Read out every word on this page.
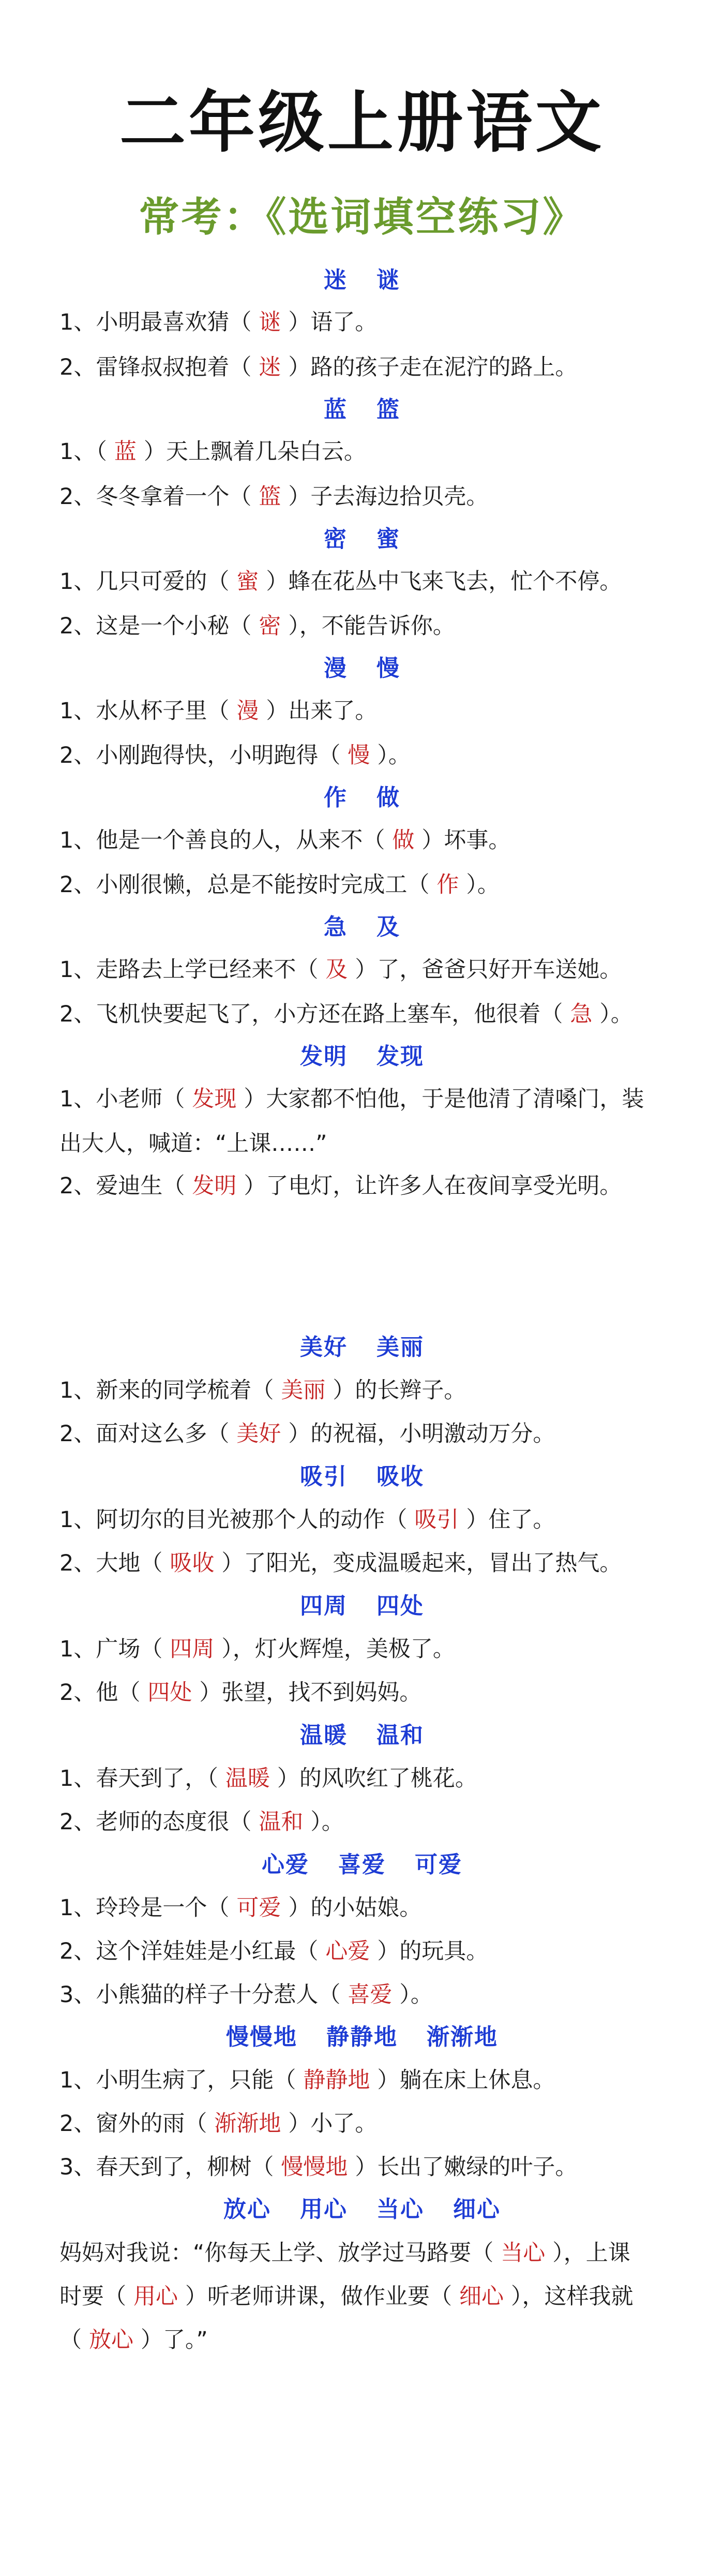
二年级上册语文
常考：《选词填空练习》
迷 谜
1、小明最喜欢猜（ 谜 ）语了。
2、雷锋叔叔抱着（ 迷 ）路的孩子走在泥泞的路上。
蓝 篮
1、（ 蓝 ）天上飘着几朵白云。
2、冬冬拿着一个（ 篮 ）子去海边拾贝壳。
密 蜜
1、几只可爱的（ 蜜 ）蜂在花丛中飞来飞去，忙个不停。
2、这是一个小秘（ 密 ），不能告诉你。
漫 慢
1、水从杯子里（ 漫 ）出来了。
2、小刚跑得快，小明跑得（ 慢 ）。
作 做
1、他是一个善良的人，从来不（ 做 ）坏事。
2、小刚很懒，总是不能按时完成工（ 作 ）。
急 及
1、走路去上学已经来不（ 及 ）了，爸爸只好开车送她。
2、飞机快要起飞了，小方还在路上塞车，他很着（ 急 ）。
发明 发现
1、小老师（ 发现 ）大家都不怕他，于是他清了清嗓门，装
出大人，喊道：“上课……”
2、爱迪生（ 发明 ）了电灯，让许多人在夜间享受光明。
美好 美丽
1、新来的同学梳着（ 美丽 ）的长辫子。
2、面对这么多（ 美好 ）的祝福，小明激动万分。
吸引 吸收
1、阿切尔的目光被那个人的动作（ 吸引 ）住了。
2、大地（ 吸收 ）了阳光，变成温暖起来，冒出了热气。
四周 四处
1、广场（ 四周 ），灯火辉煌，美极了。
2、他（ 四处 ）张望，找不到妈妈。
温暖 温和
1、春天到了，（ 温暖 ）的风吹红了桃花。
2、老师的态度很（ 温和 ）。
心爱 喜爱 可爱
1、玲玲是一个（ 可爱 ）的小姑娘。
2、这个洋娃娃是小红最（ 心爱 ）的玩具。
3、小熊猫的样子十分惹人（ 喜爱 ）。
慢慢地 静静地 渐渐地
1、小明生病了，只能（ 静静地 ）躺在床上休息。
2、窗外的雨（ 渐渐地 ）小了。
3、春天到了，柳树（ 慢慢地 ）长出了嫩绿的叶子。
放心 用心 当心 细心
妈妈对我说：“你每天上学、放学过马路要（ 当心 ），上课
时要（ 用心 ）听老师讲课，做作业要（ 细心 ），这样我就
（ 放心 ）了。”
